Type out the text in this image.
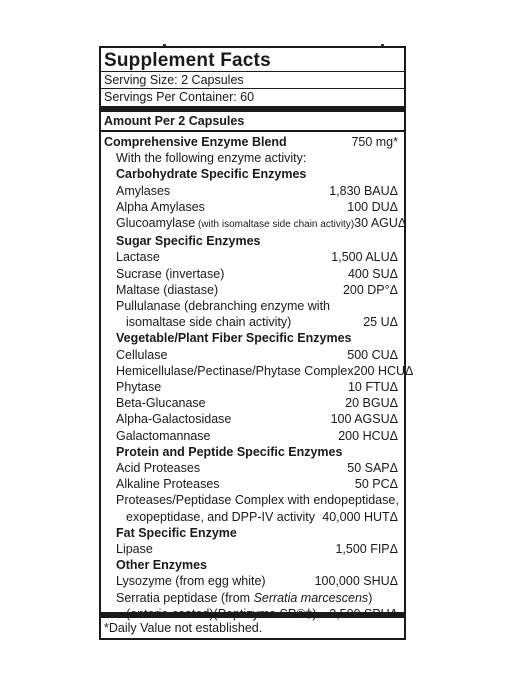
Supplement Facts
Serving Size: 2 Capsules
Servings Per Container: 60
Amount Per 2 Capsules
Comprehensive Enzyme Blend	750 mg*
With the following enzyme activity:
Carbohydrate Specific Enzymes
Amylases	1,830 BAUΔ
Alpha Amylases	100 DUΔ
Glucoamylase (with isomaltase side chain activity) 30 AGUΔ
Sugar Specific Enzymes
Lactase	1,500 ALUΔ
Sucrase (invertase)	400 SUΔ
Maltase (diastase)	200 DP°Δ
Pullulanase (debranching enzyme with
isomaltase side chain activity)	25 UΔ
Vegetable/Plant Fiber Specific Enzymes
Cellulase	500 CUΔ
Hemicellulase/Pectinase/Phytase Complex 200 HCUΔ
Phytase	10 FTUΔ
Beta-Glucanase	20 BGUΔ
Alpha-Galactosidase	100 AGSUΔ
Galactomannase	200 HCUΔ
Protein and Peptide Specific Enzymes
Acid Proteases	50 SAPΔ
Alkaline Proteases	50 PCΔ
Proteases/Peptidase Complex with endopeptidase,
exopeptidase, and DPP-IV activity 40,000 HUTΔ
Fat Specific Enzyme
Lipase	1,500 FIPΔ
Other Enzymes
Lysozyme (from egg white)	100,000 SHUΔ
Serratia peptidase (from Serratia marcescens)
(enteric-coated)(Peptizyme SP®‡)	2,500 SPUΔ
*Daily Value not established.
